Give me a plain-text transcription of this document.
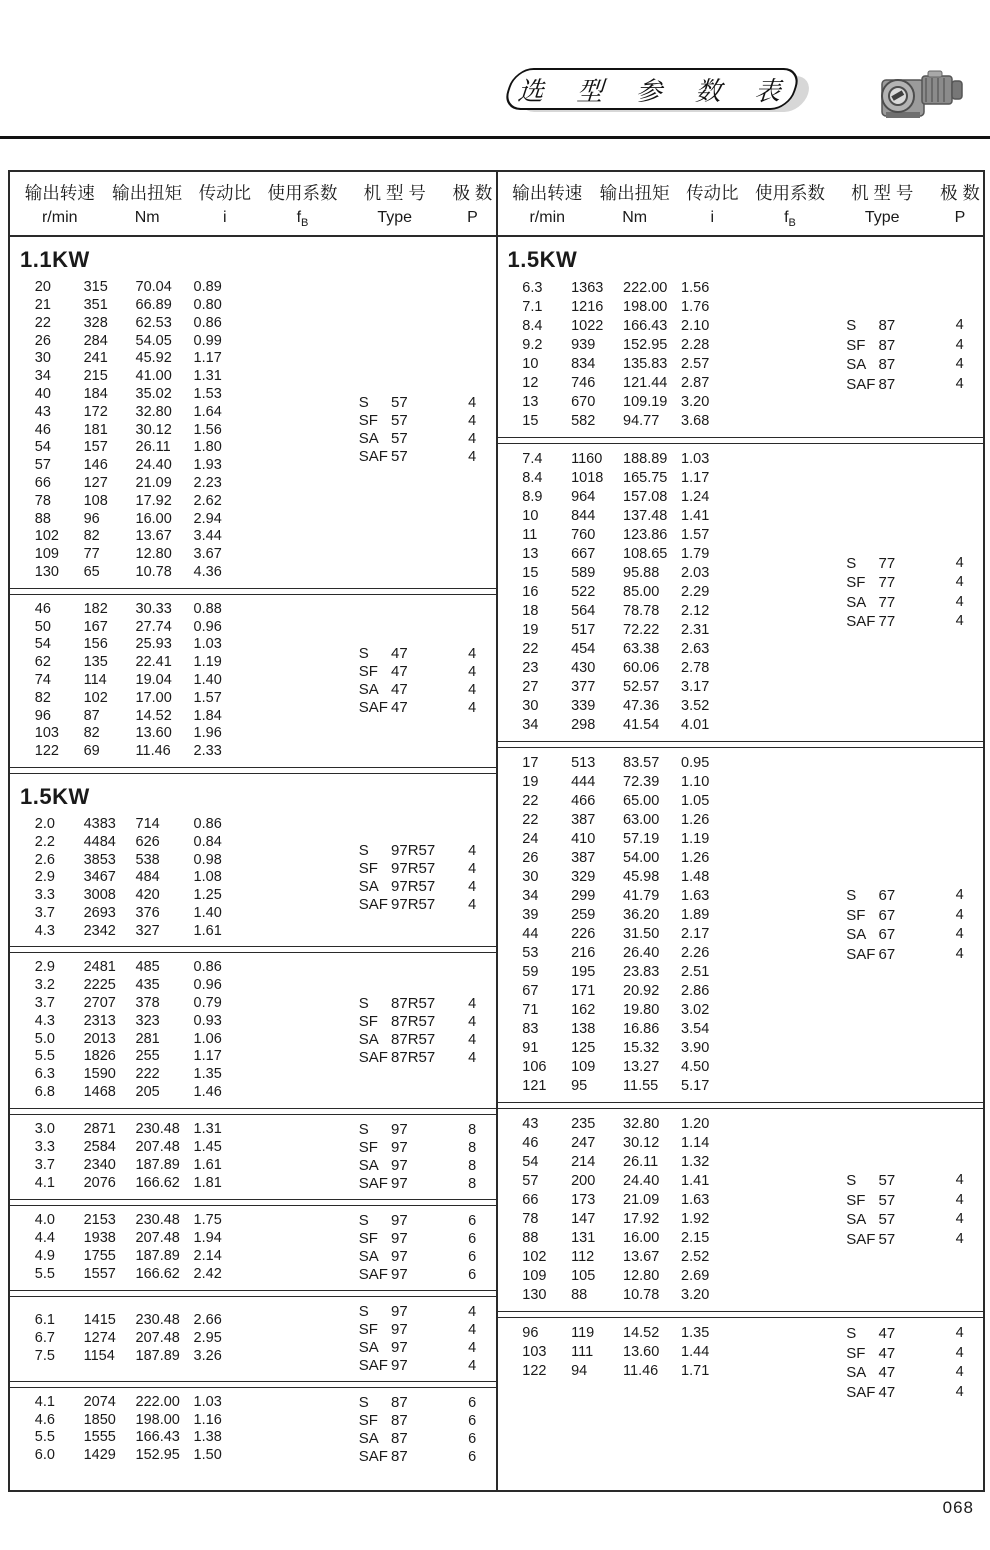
选 型 参 数 表
输出转速 输出扭矩 传动比 使用系数	机 型 号	极 数
r/min	Nm	i	$f_B$	Type	P
1.1KW
20	315	70.04	0.89
21	351	66.89	0.80
22	328	62.53	0.86
26	284	54.05	0.99
30	241	45.92	1.17
34	215	41.00	1.31
40	184	35.02	1.53
43	172	32.80	1.64
46	181	30.12	1.56
54	157	26.11	1.80
57	146	24.40	1.93
66	127	21.09	2.23
78	108	17.92	2.62
88	96	16.00	2.94
102	82	13.67	3.44
109	77	12.80	3.67
130	65	10.78	4.36
S 57	4
SF 57	4
SA 57	4
SAF 57	4
46	182	30.33	0.88
50	167	27.74	0.96
54	156	25.93	1.03
62	135	22.41	1.19
74	114	19.04	1.40
82	102	17.00	1.57
96	87	14.52	1.84
103	82	13.60	1.96
122	69	11.46	2.33
S 47	4
SF 47	4
SA 47	4
SAF 47	4
1.5KW
2.0	4383	714	0.86
2.2	4484	626	0.84
2.6	3853	538	0.98
2.9	3467	484	1.08
3.3	3008	420	1.25
3.7	2693	376	1.40
4.3	2342	327	1.61
S 97R57	4
SF 97R57	4
SA 97R57	4
SAF 97R57	4
2.9	2481	485	0.86
3.2	2225	435	0.96
3.7	2707	378	0.79
4.3	2313	323	0.93
5.0	2013	281	1.06
5.5	1826	255	1.17
6.3	1590	222	1.35
6.8	1468	205	1.46
S 87R57	4
SF 87R57	4
SA 87R57	4
SAF 87R57	4
3.0	2871	230.48 1.31
3.3	2584	207.48 1.45
3.7	2340	187.89 1.61
4.1	2076	166.62 1.81
S 97	8
SF 97	8
SA 97	8
SAF 97	8
4.0	2153	230.48 1.75
4.4	1938	207.48 1.94
4.9	1755	187.89 2.14
5.5	1557	166.62 2.42
S 97	6
SF 97	6
SA 97	6
SAF 97	6
6.1	1415	230.48 2.66
6.7	1274	207.48 2.95
7.5	1154	187.89 3.26
S 97	4
SF 97	4
SA 97	4
SAF 97	4
4.1	2074	222.00 1.03
4.6	1850	198.00 1.16
5.5	1555	166.43 1.38
6.0	1429	152.95 1.50
S 87	6
SF 87	6
SA 87	6
SAF 87	6
输出转速 输出扭矩 传动比 使用系数	机 型 号	极 数
r/min	Nm	i	$f_B$	Type	P
1.5KW
6.3	1363	222.00 1.56
7.1	1216	198.00 1.76
8.4	1022	166.43 2.10
9.2	939	152.95 2.28
10	834	135.83 2.57
12	746	121.44 2.87
13	670	109.19 3.20
15	582	94.77	3.68
S 87	4
SF 87	4
SA 87	4
SAF 87	4
7.4	1160	188.89 1.03
8.4	1018	165.75 1.17
8.9	964	157.08 1.24
10	844	137.48 1.41
11	760	123.86 1.57
13	667	108.65 1.79
15	589	95.88	2.03
16	522	85.00	2.29
18	564	78.78	2.12
19	517	72.22	2.31
22	454	63.38	2.63
23	430	60.06	2.78
27	377	52.57	3.17
30	339	47.36	3.52
34	298	41.54	4.01
S 77	4
SF 77	4
SA 77	4
SAF 77	4
17	513	83.57	0.95
19	444	72.39	1.10
22	466	65.00	1.05
22	387	63.00	1.26
24	410	57.19	1.19
26	387	54.00	1.26
30	329	45.98	1.48
34	299	41.79	1.63
39	259	36.20	1.89
44	226	31.50	2.17
53	216	26.40	2.26
59	195	23.83	2.51
67	171	20.92	2.86
71	162	19.80	3.02
83	138	16.86	3.54
91	125	15.32	3.90
106	109	13.27	4.50
121	95	11.55	5.17
S 67	4
SF 67	4
SA 67	4
SAF 67	4
43	235	32.80	1.20
46	247	30.12	1.14
54	214	26.11	1.32
57	200	24.40	1.41
66	173	21.09	1.63
78	147	17.92	1.92
88	131	16.00	2.15
102	112	13.67	2.52
109	105	12.80	2.69
130	88	10.78	3.20
S 57	4
SF 57	4
SA 57	4
SAF 57	4
96	119	14.52	1.35
103	111	13.60	1.44
122	94	11.46	1.71
S 47	4
SF 47	4
SA 47	4
SAF 47	4
068
